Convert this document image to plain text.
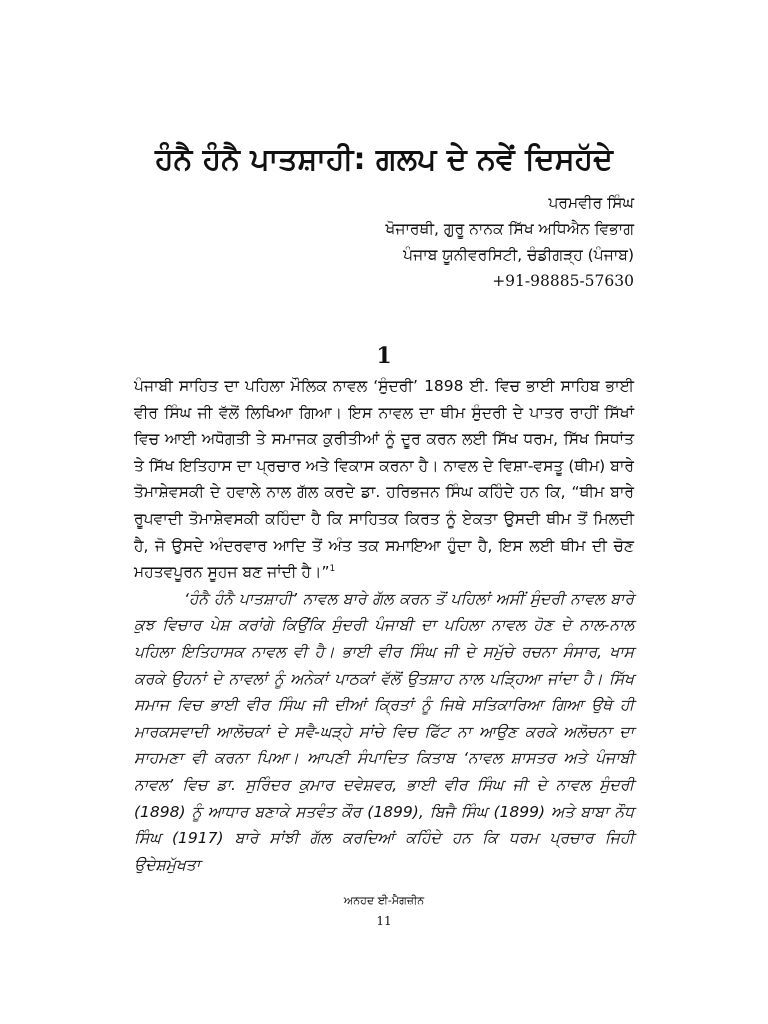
ਹੰਨੈ ਹੰਨੈ ਪਾਤਸ਼ਾਹੀ: ਗਲਪ ਦੇ ਨਵੇਂ ਦਿਸਹੱਦੇ
ਪਰਮਵੀਰ ਸਿੰਘ
ਖੋਜਾਰਥੀ, ਗੁਰੂ ਨਾਨਕ ਸਿੱਖ ਅਧਿਐਨ ਵਿਭਾਗ
ਪੰਜਾਬ ਯੂਨੀਵਰਸਿਟੀ, ਚੰਡੀਗੜ੍ਹ (ਪੰਜਾਬ)
+91-98885-57630
1

ਪੰਜਾਬੀ ਸਾਹਿਤ ਦਾ ਪਹਿਲਾ ਮੌਲਿਕ ਨਾਵਲ ‘ਸੁੰਦਰੀ’ 1898 ਈ. ਵਿਚ ਭਾਈ ਸਾਹਿਬ ਭਾਈ ਵੀਰ ਸਿੰਘ ਜੀ ਵੱਲੋਂ ਲਿਖਿਆ ਗਿਆ। ਇਸ ਨਾਵਲ ਦਾ ਥੀਮ ਸੁੰਦਰੀ ਦੇ ਪਾਤਰ ਰਾਹੀਂ ਸਿੱਖਾਂ ਵਿਚ ਆਈ ਅਧੋਗਤੀ ਤੇ ਸਮਾਜਕ ਕੁਰੀਤੀਆਂ ਨੂੰ ਦੂਰ ਕਰਨ ਲਈ ਸਿੱਖ ਧਰਮ, ਸਿੱਖ ਸਿਧਾਂਤ ਤੇ ਸਿੱਖ ਇਤਿਹਾਸ ਦਾ ਪ੍ਰਚਾਰ ਅਤੇ ਵਿਕਾਸ ਕਰਨਾ ਹੈ। ਨਾਵਲ ਦੇ ਵਿਸ਼ਾ-ਵਸਤੂ (ਥੀਮ) ਬਾਰੇ ਤੋਮਾਸ਼ੇਵਸਕੀ ਦੇ ਹਵਾਲੇ ਨਾਲ ਗੱਲ ਕਰਦੇ ਡਾ. ਹਰਿਭਜਨ ਸਿੰਘ ਕਹਿੰਦੇ ਹਨ ਕਿ, “ਥੀਮ ਬਾਰੇ ਰੂਪਵਾਦੀ ਤੋਮਾਸ਼ੇਵਸਕੀ ਕਹਿੰਦਾ ਹੈ ਕਿ ਸਾਹਿਤਕ ਕਿਰਤ ਨੂੰ ਏਕਤਾ ਉਸਦੀ ਥੀਮ ਤੋਂ ਮਿਲਦੀ ਹੈ, ਜੋ ਉਸਦੇ ਅੰਦਰਵਾਰ ਆਦਿ ਤੋਂ ਅੰਤ ਤਕ ਸਮਾਇਆ ਹੁੰਦਾ ਹੈ, ਇਸ ਲਈ ਥੀਮ ਦੀ ਚੋਣ ਮਹਤਵਪੂਰਨ ਸੂਹਜ ਬਣ ਜਾਂਦੀ ਹੈ।”$^1$

‘ਹੰਨੈ ਹੰਨੈ ਪਾਤਸ਼ਾਹੀ’ ਨਾਵਲ ਬਾਰੇ ਗੱਲ ਕਰਨ ਤੋਂ ਪਹਿਲਾਂ ਅਸੀਂ ਸੁੰਦਰੀ ਨਾਵਲ ਬਾਰੇ ਕੁਝ ਵਿਚਾਰ ਪੇਸ਼ ਕਰਾਂਗੇ ਕਿਉਂਕਿ ਸੁੰਦਰੀ ਪੰਜਾਬੀ ਦਾ ਪਹਿਲਾ ਨਾਵਲ ਹੋਣ ਦੇ ਨਾਲ-ਨਾਲ ਪਹਿਲਾ ਇਤਿਹਾਸਕ ਨਾਵਲ ਵੀ ਹੈ। ਭਾਈ ਵੀਰ ਸਿੰਘ ਜੀ ਦੇ ਸਮੁੱਚੇ ਰਚਨਾ ਸੰਸਾਰ, ਖਾਸ ਕਰਕੇ ਉਹਨਾਂ ਦੇ ਨਾਵਲਾਂ ਨੂੰ ਅਨੇਕਾਂ ਪਾਠਕਾਂ ਵੱਲੋਂ ਉਤਸ਼ਾਹ ਨਾਲ ਪੜ੍ਹਿਆ ਜਾਂਦਾ ਹੈ। ਸਿੱਖ ਸਮਾਜ ਵਿਚ ਭਾਈ ਵੀਰ ਸਿੰਘ ਜੀ ਦੀਆਂ ਕ੍ਰਿਤਾਂ ਨੂੰ ਜਿਥੇ ਸਤਿਕਾਰਿਆ ਗਿਆ ਉਥੇ ਹੀ ਮਾਰਕਸਵਾਦੀ ਆਲੋਚਕਾਂ ਦੇ ਸਵੈ-ਘੜ੍ਹੇ ਸਾਂਚੇ ਵਿਚ ਫਿੱਟ ਨਾ ਆਉਣ ਕਰਕੇ ਅਲੋਚਨਾ ਦਾ ਸਾਹਮਣਾ ਵੀ ਕਰਨਾ ਪਿਆ। ਆਪਣੀ ਸੰਪਾਦਿਤ ਕਿਤਾਬ ‘ਨਾਵਲ ਸ਼ਾਸਤਰ ਅਤੇ ਪੰਜਾਬੀ ਨਾਵਲ’ ਵਿਚ ਡਾ. ਸੁਰਿੰਦਰ ਕੁਮਾਰ ਦਵੇਸ਼ਵਰ, ਭਾਈ ਵੀਰ ਸਿੰਘ ਜੀ ਦੇ ਨਾਵਲ ਸੁੰਦਰੀ (1898) ਨੂੰ ਆਧਾਰ ਬਣਾਕੇ ਸਤਵੰਤ ਕੌਰ (1899), ਬਿਜੈ ਸਿੰਘ (1899) ਅਤੇ ਬਾਬਾ ਨੌਧ ਸਿੰਘ (1917) ਬਾਰੇ ਸਾਂਝੀ ਗੱਲ ਕਰਦਿਆਂ ਕਹਿੰਦੇ ਹਨ ਕਿ ਧਰਮ ਪ੍ਰਚਾਰ ਜਿਹੀ ਉਦੇਸ਼ਮੁੱਖਤਾ

ਅਨਹਦ ਈ-ਮੈਗਜ਼ੀਨ
11
